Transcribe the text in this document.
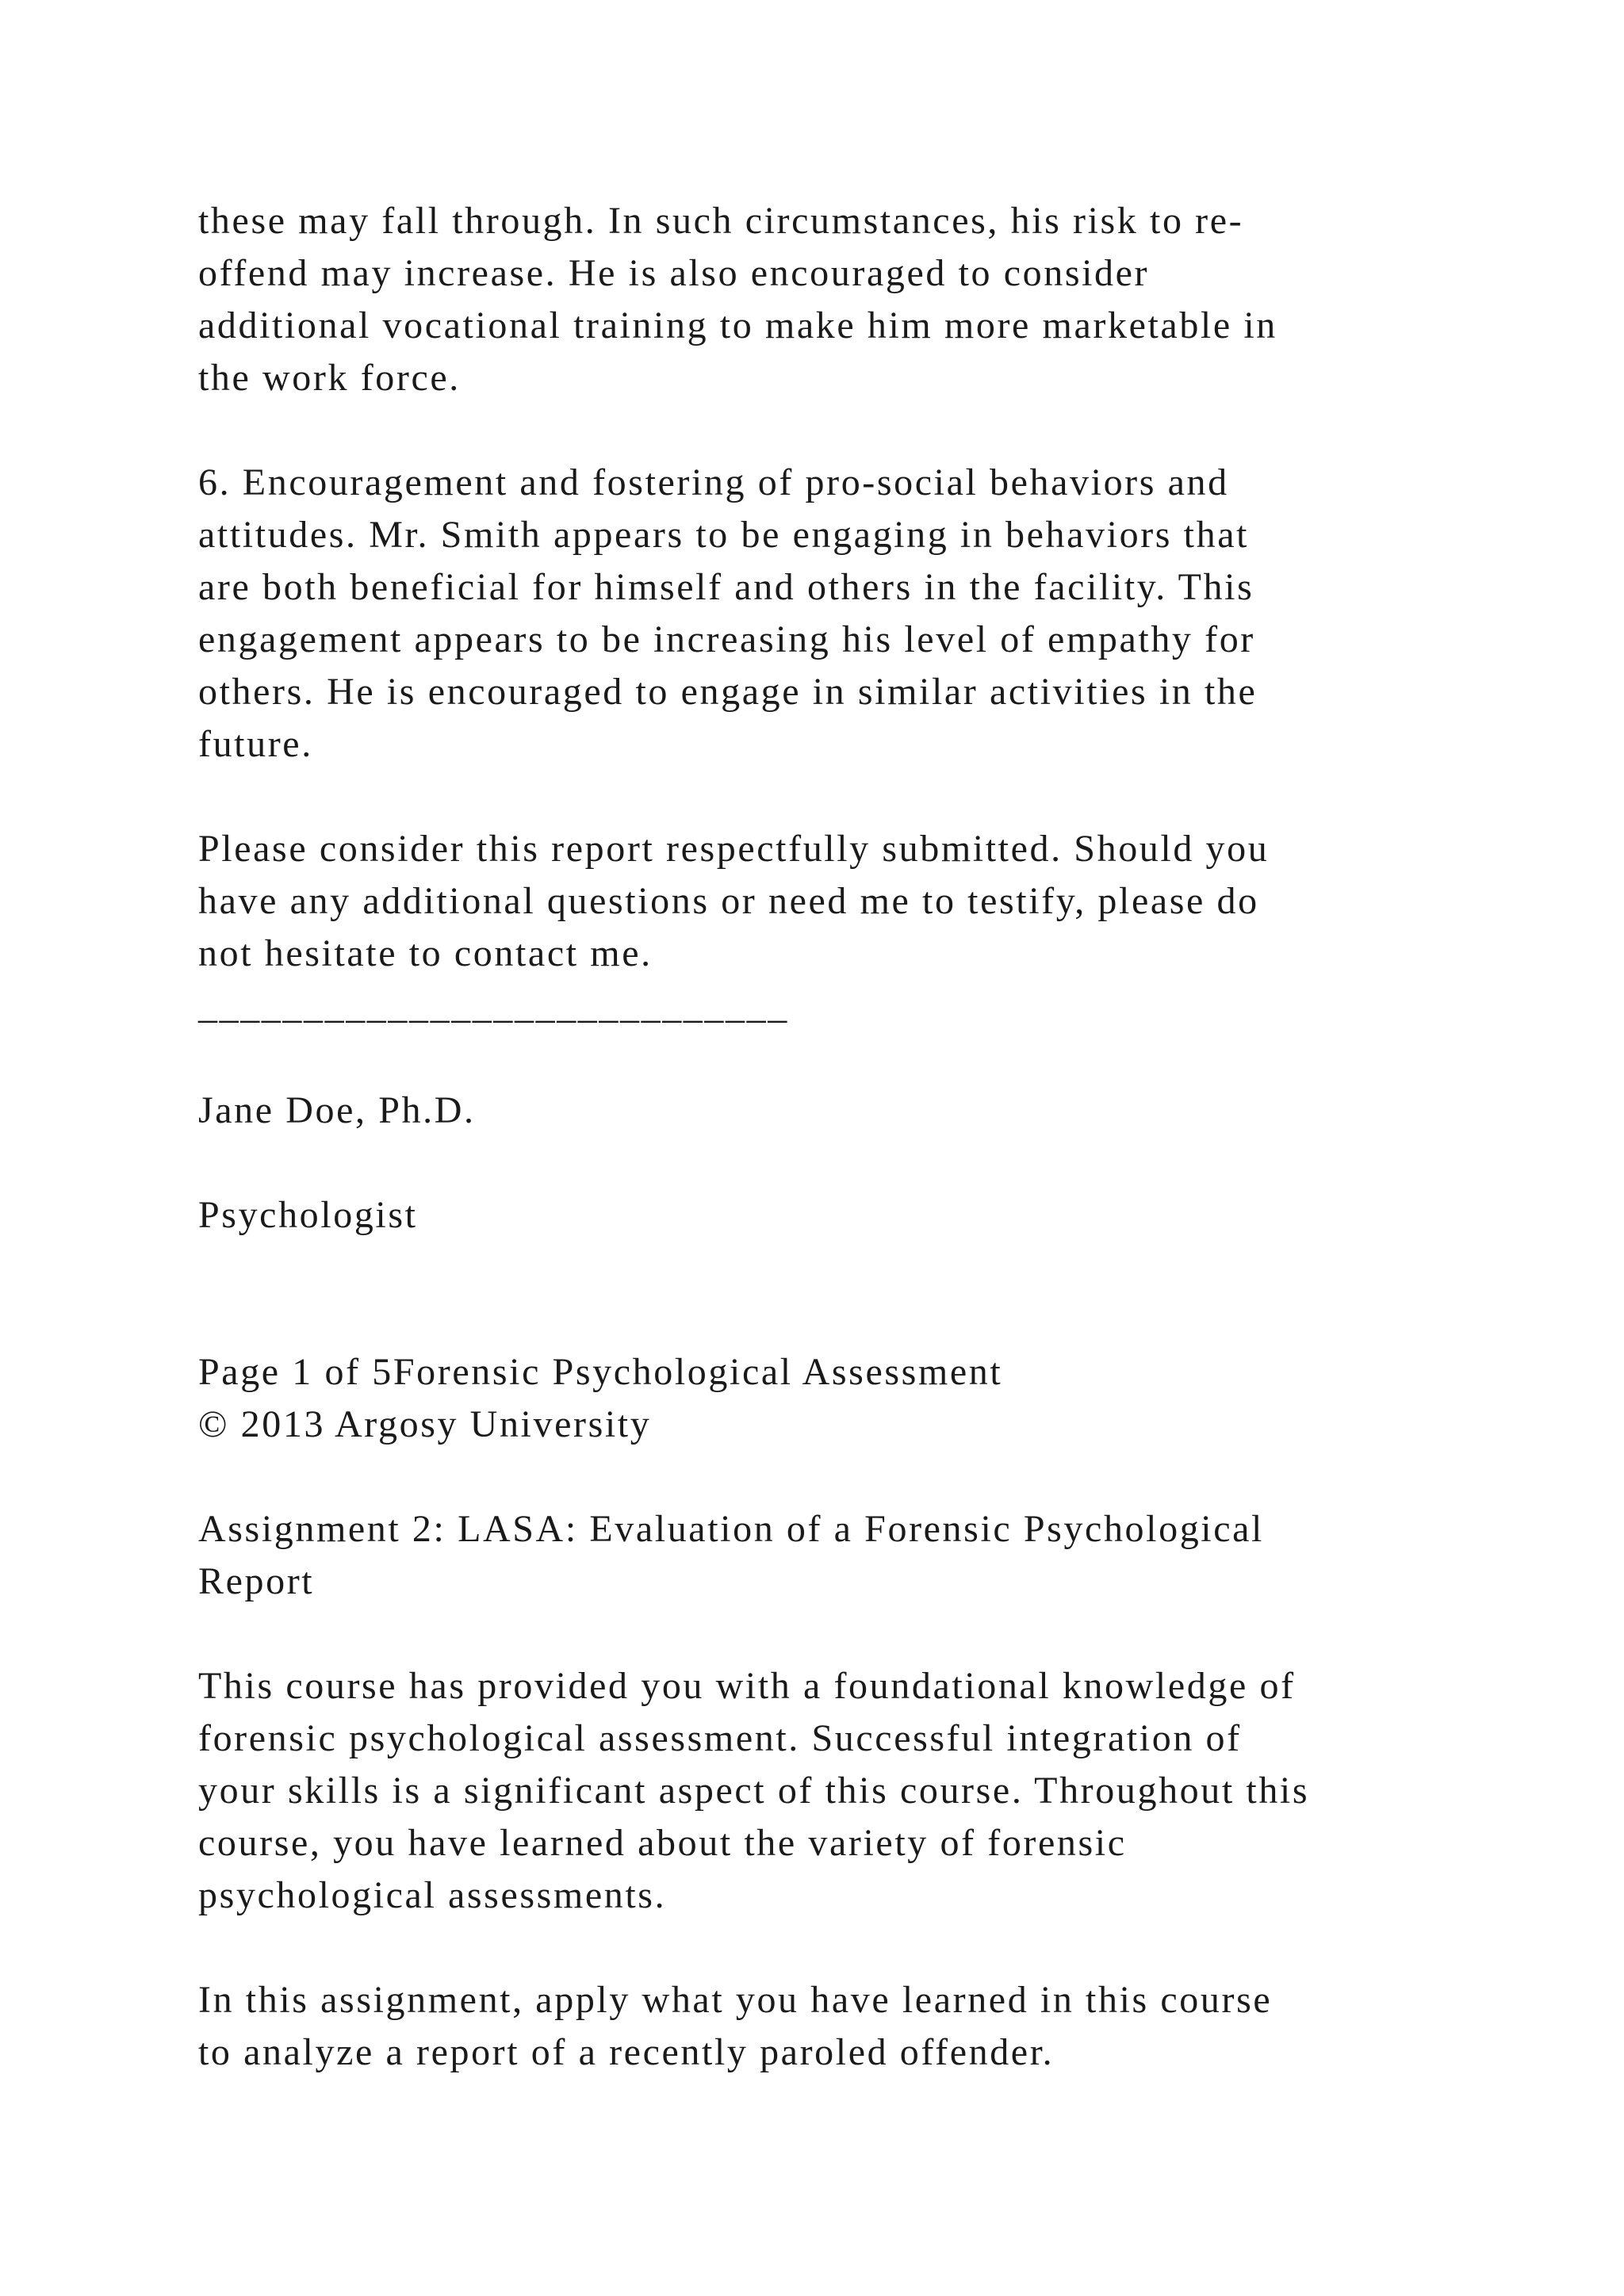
these may fall through. In such circumstances, his risk to re-
offend may increase. He is also encouraged to consider
additional vocational training to make him more marketable in
the work force.
6. Encouragement and fostering of pro-social behaviors and
attitudes. Mr. Smith appears to be engaging in behaviors that
are both beneficial for himself and others in the facility. This
engagement appears to be increasing his level of empathy for
others. He is encouraged to engage in similar activities in the
future.
Please consider this report respectfully submitted. Should you
have any additional questions or need me to testify, please do
not hesitate to contact me.
____________________________
Jane Doe, Ph.D.
Psychologist
Page 1 of 5Forensic Psychological Assessment
© 2013 Argosy University
Assignment 2: LASA: Evaluation of a Forensic Psychological
Report
This course has provided you with a foundational knowledge of
forensic psychological assessment. Successful integration of
your skills is a significant aspect of this course. Throughout this
course, you have learned about the variety of forensic
psychological assessments.
In this assignment, apply what you have learned in this course
to analyze a report of a recently paroled offender.
